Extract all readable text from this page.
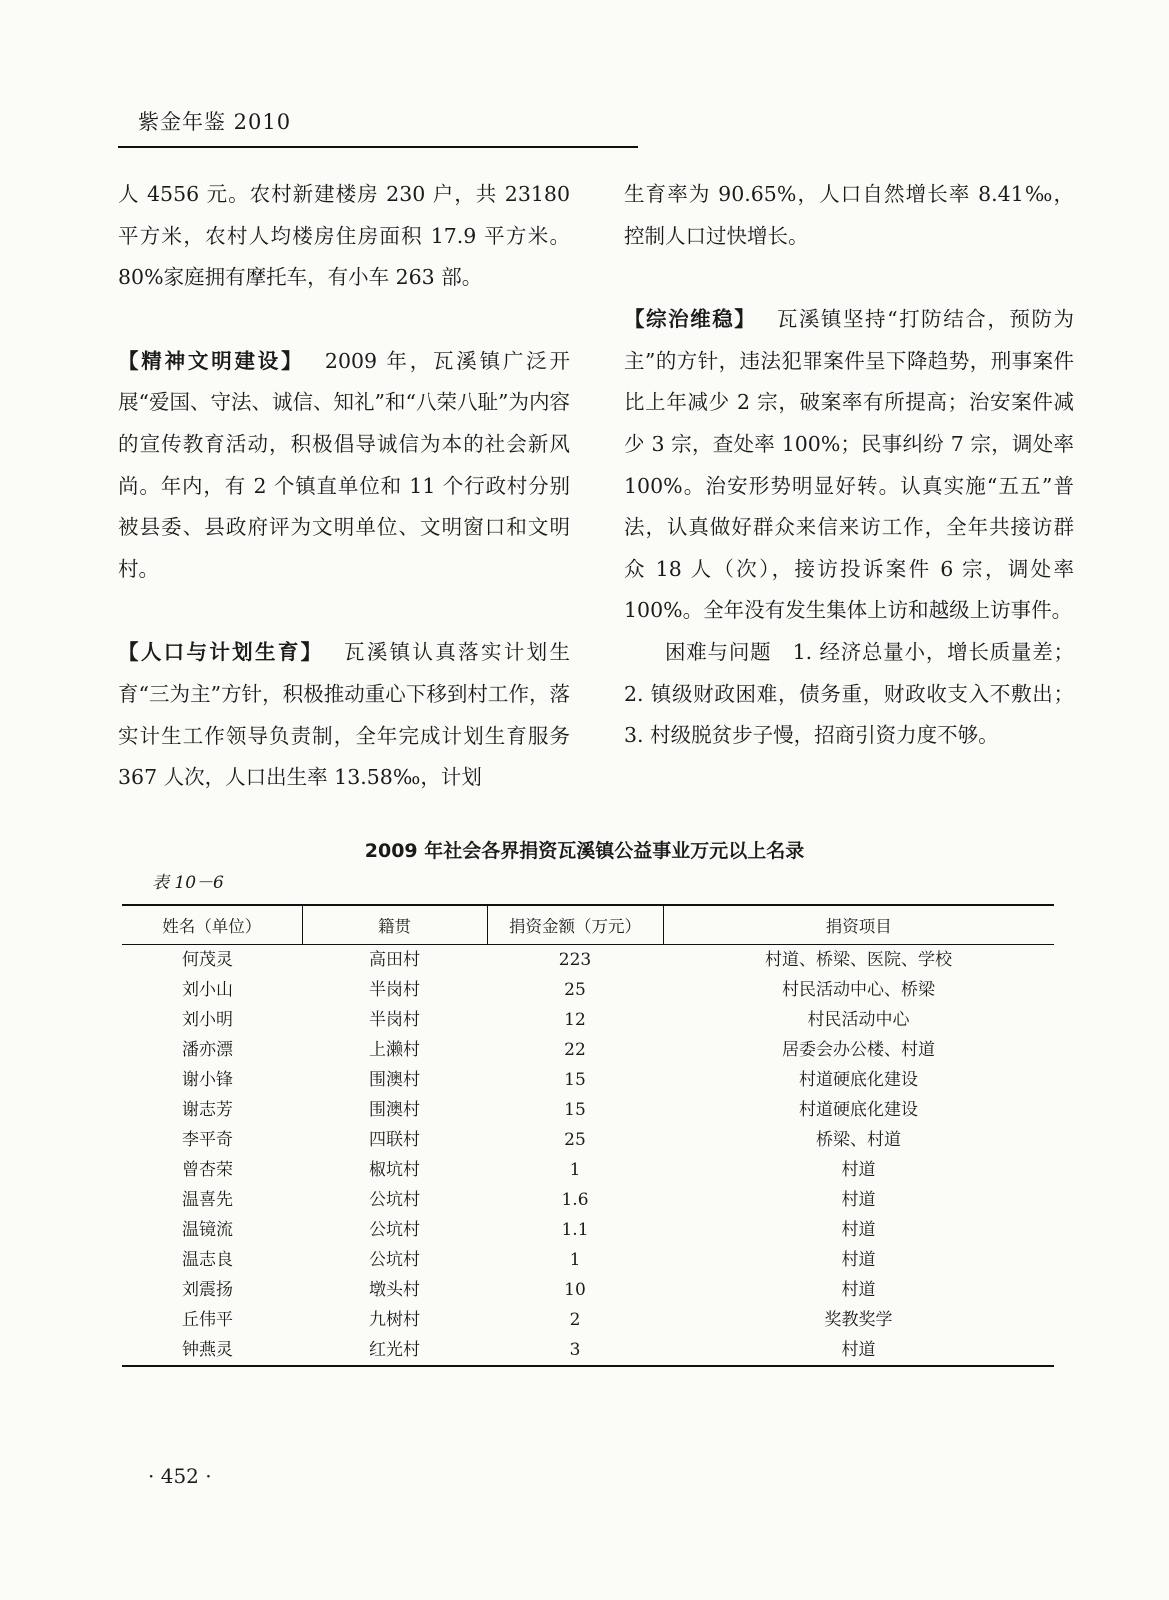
紫金年鉴 2010

人 4556 元。农村新建楼房 230 户，共 23180 平方米，农村人均楼房住房面积 17.9 平方米。80%家庭拥有摩托车，有小车 263 部。

【精神文明建设】 2009 年，瓦溪镇广泛开展“爱国、守法、诚信、知礼”和“八荣八耻”为内容的宣传教育活动，积极倡导诚信为本的社会新风尚。年内，有 2 个镇直单位和 11 个行政村分别被县委、县政府评为文明单位、文明窗口和文明村。

【人口与计划生育】 瓦溪镇认真落实计划生育“三为主”方针，积极推动重心下移到村工作，落实计生工作领导负责制，全年完成计划生育服务 367 人次，人口出生率 13.58‰，计划

生育率为 90.65%，人口自然增长率 8.41‰，控制人口过快增长。

【综治维稳】 瓦溪镇坚持“打防结合，预防为主”的方针，违法犯罪案件呈下降趋势，刑事案件比上年减少 2 宗，破案率有所提高；治安案件减少 3 宗，查处率 100%；民事纠纷 7 宗，调处率 100%。治安形势明显好转。认真实施“五五”普法，认真做好群众来信来访工作，全年共接访群众 18 人（次），接访投诉案件 6 宗，调处率 100%。全年没有发生集体上访和越级上访事件。

困难与问题　1. 经济总量小，增长质量差；2. 镇级财政困难，债务重，财政收支入不敷出；3. 村级脱贫步子慢，招商引资力度不够。

2009 年社会各界捐资瓦溪镇公益事业万元以上名录
表 10－6
姓名（单位）	籍贯	捐资金额（万元）	捐资项目
何茂灵	高田村	223	村道、桥梁、医院、学校
刘小山	半岗村	25	村民活动中心、桥梁
刘小明	半岗村	12	村民活动中心
潘亦漂	上濑村	22	居委会办公楼、村道
谢小锋	围澳村	15	村道硬底化建设
谢志芳	围澳村	15	村道硬底化建设
李平奇	四联村	25	桥梁、村道
曾杏荣	椒坑村	1	村道
温喜先	公坑村	1.6	村道
温镜流	公坑村	1.1	村道
温志良	公坑村	1	村道
刘震扬	墩头村	10	村道
丘伟平	九树村	2	奖教奖学
钟燕灵	红光村	3	村道
· 452 ·
